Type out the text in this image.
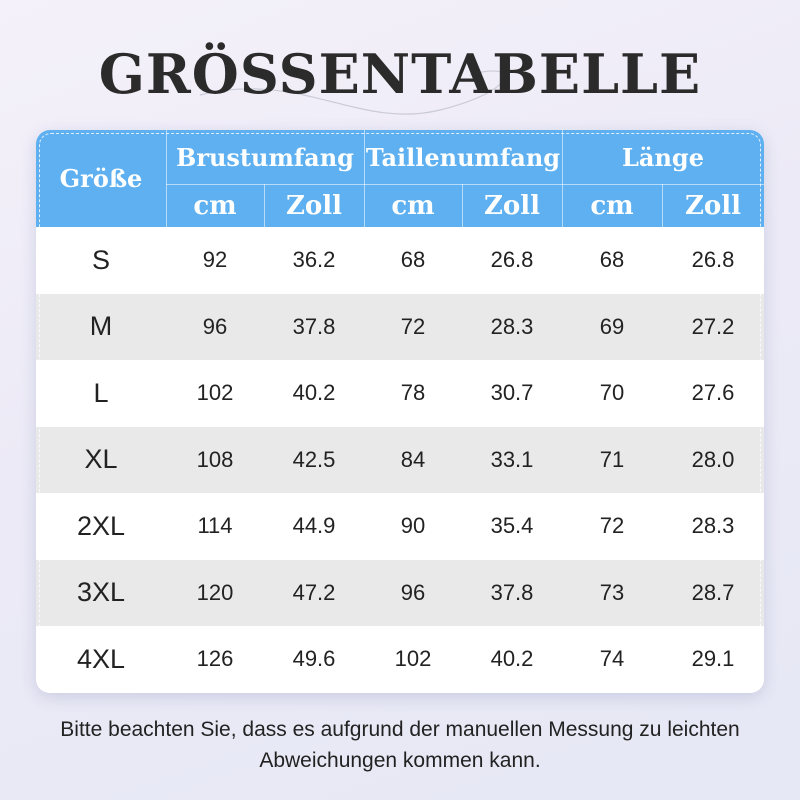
GRÖSSENTABELLE
Größe
Brustumfang Taillenumfang	Länge
cm	Zoll	cm	Zoll	cm	Zoll
S	92	36.2	68	26.8	68	26.8
M	96	37.8	72	28.3	69	27.2
L	102	40.2	78	30.7	70	27.6
XL	108	42.5	84	33.1	71	28.0
2XL	114	44.9	90	35.4	72	28.3
3XL	120	47.2	96	37.8	73	28.7
4XL	126	49.6	102	40.2	74	29.1

Bitte beachten Sie, dass es aufgrund der manuellen Messung zu leichten Abweichungen kommen kann.
